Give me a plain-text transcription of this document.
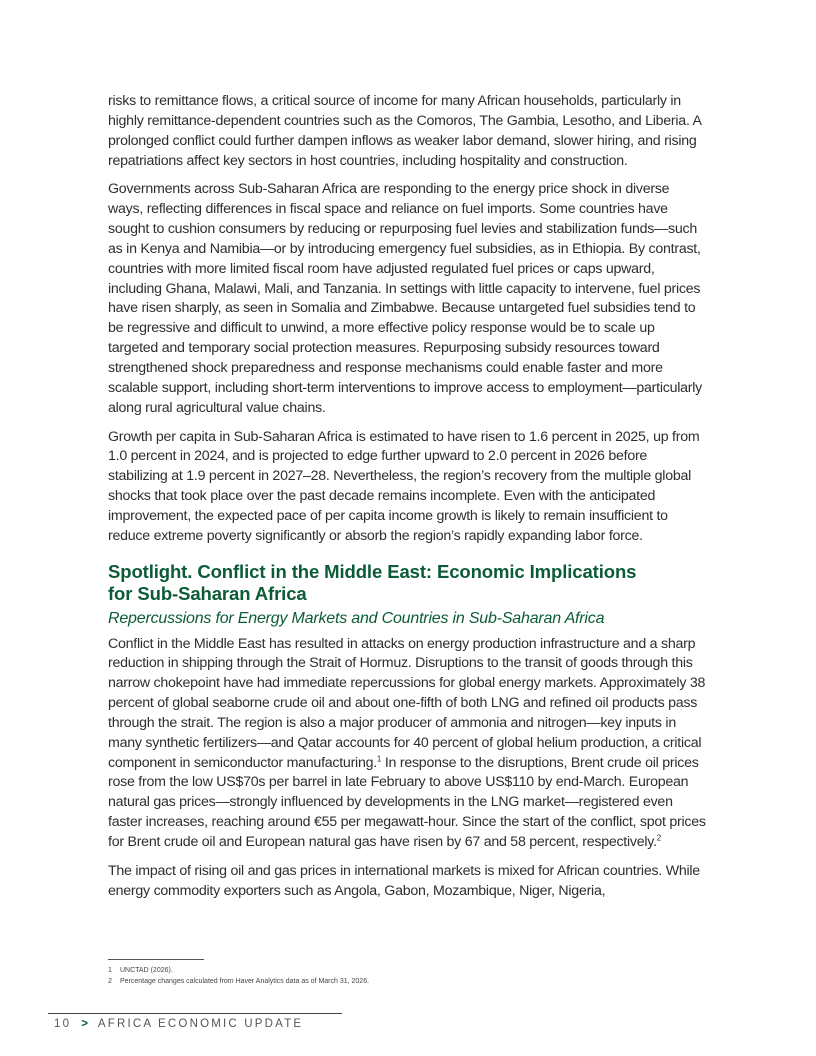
risks to remittance flows, a critical source of income for many African households, particularly in highly remittance-dependent countries such as the Comoros, The Gambia, Lesotho, and Liberia. A prolonged conflict could further dampen inflows as weaker labor demand, slower hiring, and rising repatriations affect key sectors in host countries, including hospitality and construction.

Governments across Sub-Saharan Africa are responding to the energy price shock in diverse ways, reflecting differences in fiscal space and reliance on fuel imports. Some countries have sought to cushion consumers by reducing or repurposing fuel levies and stabilization funds—such as in Kenya and Namibia—or by introducing emergency fuel subsidies, as in Ethiopia. By contrast, countries with more limited fiscal room have adjusted regulated fuel prices or caps upward, including Ghana, Malawi, Mali, and Tanzania. In settings with little capacity to intervene, fuel prices have risen sharply, as seen in Somalia and Zimbabwe. Because untargeted fuel subsidies tend to be regressive and difficult to unwind, a more effective policy response would be to scale up targeted and temporary social protection measures. Repurposing subsidy resources toward strengthened shock preparedness and response mechanisms could enable faster and more scalable support, including short-term interventions to improve access to employment—particularly along rural agricultural value chains.

Growth per capita in Sub-Saharan Africa is estimated to have risen to 1.6 percent in 2025, up from 1.0 percent in 2024, and is projected to edge further upward to 2.0 percent in 2026 before stabilizing at 1.9 percent in 2027–28. Nevertheless, the region’s recovery from the multiple global shocks that took place over the past decade remains incomplete. Even with the anticipated improvement, the expected pace of per capita income growth is likely to remain insufficient to reduce extreme poverty significantly or absorb the region’s rapidly expanding labor force.

Spotlight. Conflict in the Middle East: Economic Implications
for Sub-Saharan Africa
Repercussions for Energy Markets and Countries in Sub-Saharan Africa

Conflict in the Middle East has resulted in attacks on energy production infrastructure and a sharp reduction in shipping through the Strait of Hormuz. Disruptions to the transit of goods through this narrow chokepoint have had immediate repercussions for global energy markets. Approximately 38 percent of global seaborne crude oil and about one-fifth of both LNG and refined oil products pass through the strait. The region is also a major producer of ammonia and nitrogen—key inputs in many synthetic fertilizers—and Qatar accounts for 40 percent of global helium production, a critical component in semiconductor manufacturing.$^1$ In response to the disruptions, Brent crude oil prices rose from the low US$70s per barrel in late February to above US$110 by end-March. European natural gas prices—strongly influenced by developments in the LNG market—registered even faster increases, reaching around €55 per megawatt-hour. Since the start of the conflict, spot prices for Brent crude oil and European natural gas have risen by 67 and 58 percent, respectively.$^2$

The impact of rising oil and gas prices in international markets is mixed for African countries. While energy commodity exporters such as Angola, Gabon, Mozambique, Niger, Nigeria,

1 UNCTAD (2026).
2 Percentage changes calculated from Haver Analytics data as of March 31, 2026.
10 > AFRICA ECONOMIC UPDATE
